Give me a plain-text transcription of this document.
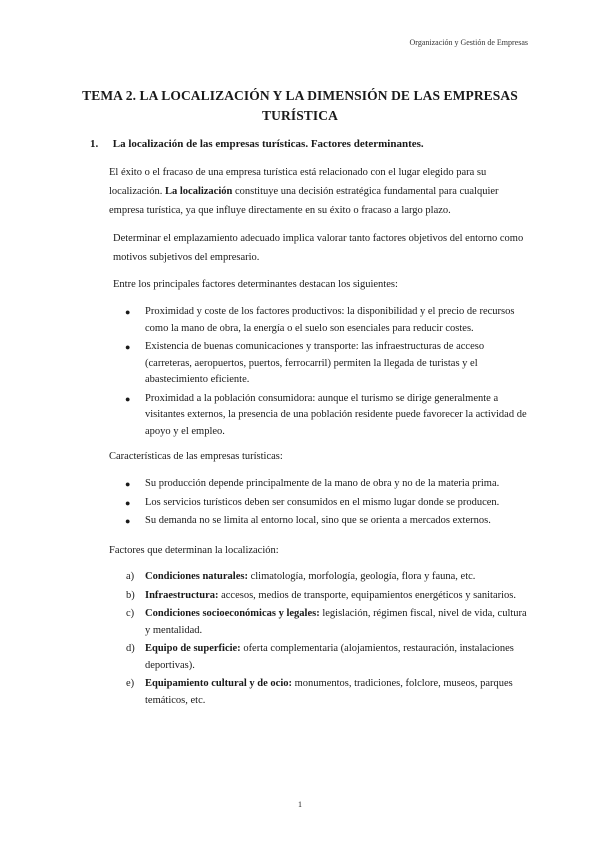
Organización y Gestión de Empresas
TEMA 2. LA LOCALIZACIÓN Y LA DIMENSIÓN DE LAS EMPRESAS TURÍSTICA
1. La localización de las empresas turísticas. Factores determinantes.
El éxito o el fracaso de una empresa turística está relacionado con el lugar elegido para su localización. La localización constituye una decisión estratégica fundamental para cualquier empresa turística, ya que influye directamente en su éxito o fracaso a largo plazo.
Determinar el emplazamiento adecuado implica valorar tanto factores objetivos del entorno como motivos subjetivos del empresario.
Entre los principales factores determinantes destacan los siguientes:
● Proximidad y coste de los factores productivos: la disponibilidad y el precio de recursos como la mano de obra, la energía o el suelo son esenciales para reducir costes.
● Existencia de buenas comunicaciones y transporte: las infraestructuras de acceso (carreteras, aeropuertos, puertos, ferrocarril) permiten la llegada de turistas y el abastecimiento eficiente.
● Proximidad a la población consumidora: aunque el turismo se dirige generalmente a visitantes externos, la presencia de una población residente puede favorecer la actividad de apoyo y el empleo.
Características de las empresas turísticas:
● Su producción depende principalmente de la mano de obra y no de la materia prima.
● Los servicios turísticos deben ser consumidos en el mismo lugar donde se producen.
● Su demanda no se limita al entorno local, sino que se orienta a mercados externos.
Factores que determinan la localización:
a) Condiciones naturales: climatología, morfología, geología, flora y fauna, etc.
b) Infraestructura: accesos, medios de transporte, equipamientos energéticos y sanitarios.
c) Condiciones socioeconómicas y legales: legislación, régimen fiscal, nivel de vida, cultura y mentalidad.
d) Equipo de superficie: oferta complementaria (alojamientos, restauración, instalaciones deportivas).
e) Equipamiento cultural y de ocio: monumentos, tradiciones, folclore, museos, parques temáticos, etc.
1
